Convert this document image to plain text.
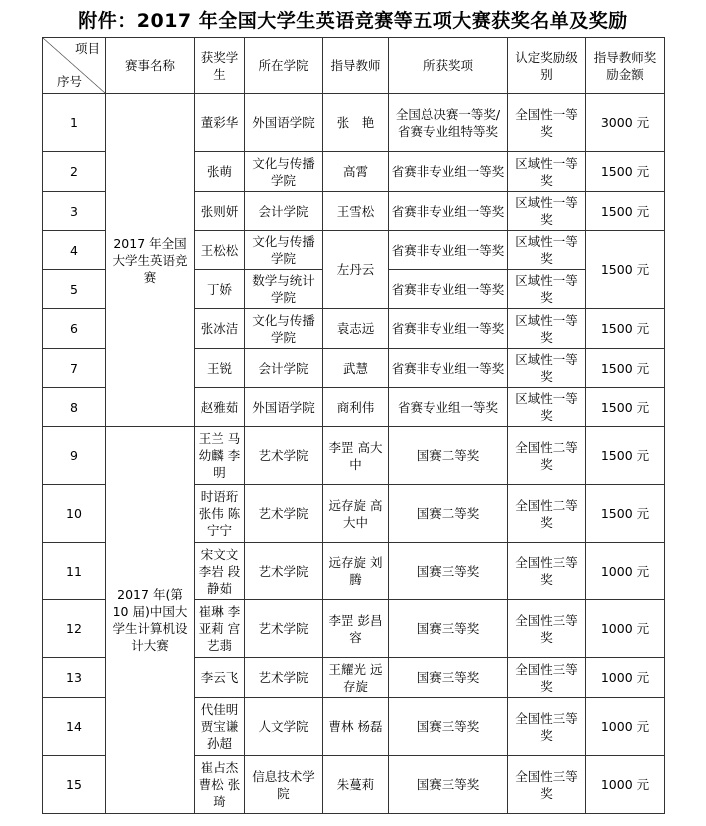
附件：2017 年全国大学生英语竞赛等五项大赛获奖名单及奖励
项目
序号	赛事名称	获奖学生	所在学院	指导教师	所获奖项	认定奖励级别	指导教师奖励金额
1	2017 年全国大学生英语竞赛	董彩华	外国语学院	张　艳	全国总决赛一等奖/省赛专业组特等奖	全国性一等奖	3000 元
2		张萌	文化与传播学院	高霄	省赛非专业组一等奖	区域性一等奖	1500 元
3		张则妍	会计学院	王雪松	省赛非专业组一等奖	区域性一等奖	1500 元
4		王松松	文化与传播学院	左丹云	省赛非专业组一等奖	区域性一等奖	1500 元
5		丁娇	数学与统计学院		省赛非专业组一等奖	区域性一等奖	
6		张冰洁	文化与传播学院	袁志远	省赛非专业组一等奖	区域性一等奖	1500 元
7		王锐	会计学院	武慧	省赛非专业组一等奖	区域性一等奖	1500 元
8		赵雅茹	外国语学院	商利伟	省赛专业组一等奖	区域性一等奖	1500 元
9	2017 年(第 10 届)中国大学生计算机设计大赛	王兰 马幼麟 李明	艺术学院	李罡 高大中	国赛二等奖	全国性二等奖	1500 元
10		时语珩 张伟 陈宁宁	艺术学院	远存旋 高大中	国赛二等奖	全国性二等奖	1500 元
11		宋文文 李岩 段静茹	艺术学院	远存旋 刘腾	国赛三等奖	全国性三等奖	1000 元
12		崔琳 李亚莉 宫艺翡	艺术学院	李罡 彭昌容	国赛三等奖	全国性三等奖	1000 元
13		李云飞	艺术学院	王耀光 远存旋	国赛三等奖	全国性三等奖	1000 元
14		代佳明 贾宝谦 孙超	人文学院	曹林 杨磊	国赛三等奖	全国性三等奖	1000 元
15		崔占杰 曹松 张琦	信息技术学院	朱蔓莉	国赛三等奖	全国性三等奖	1000 元
